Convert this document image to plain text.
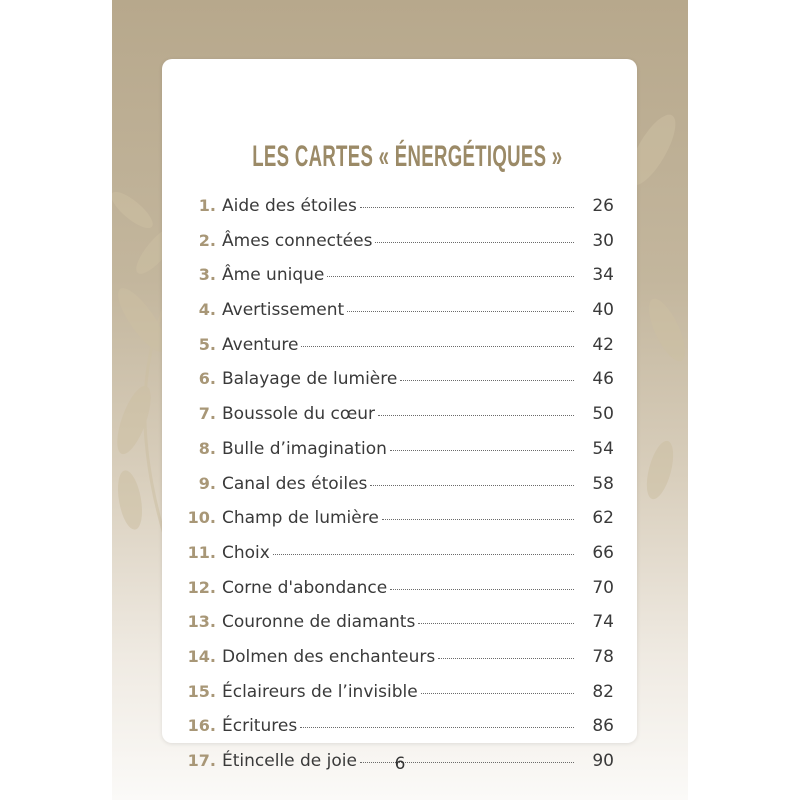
LES CARTES « ÉNERGÉTIQUES »
1. Aide des étoiles	26
2. Âmes connectées	30
3. Âme unique	34
4. Avertissement	40
5. Aventure	42
6. Balayage de lumière	46
7. Boussole du cœur	50
8. Bulle d’imagination	54
9. Canal des étoiles	58
10. Champ de lumière	62
11. Choix	66
12. Corne d'abondance	70
13. Couronne de diamants	74
14. Dolmen des enchanteurs	78
15. Éclaireurs de l’invisible	82
16. Écritures	86
17. Étincelle de joie	90
6
